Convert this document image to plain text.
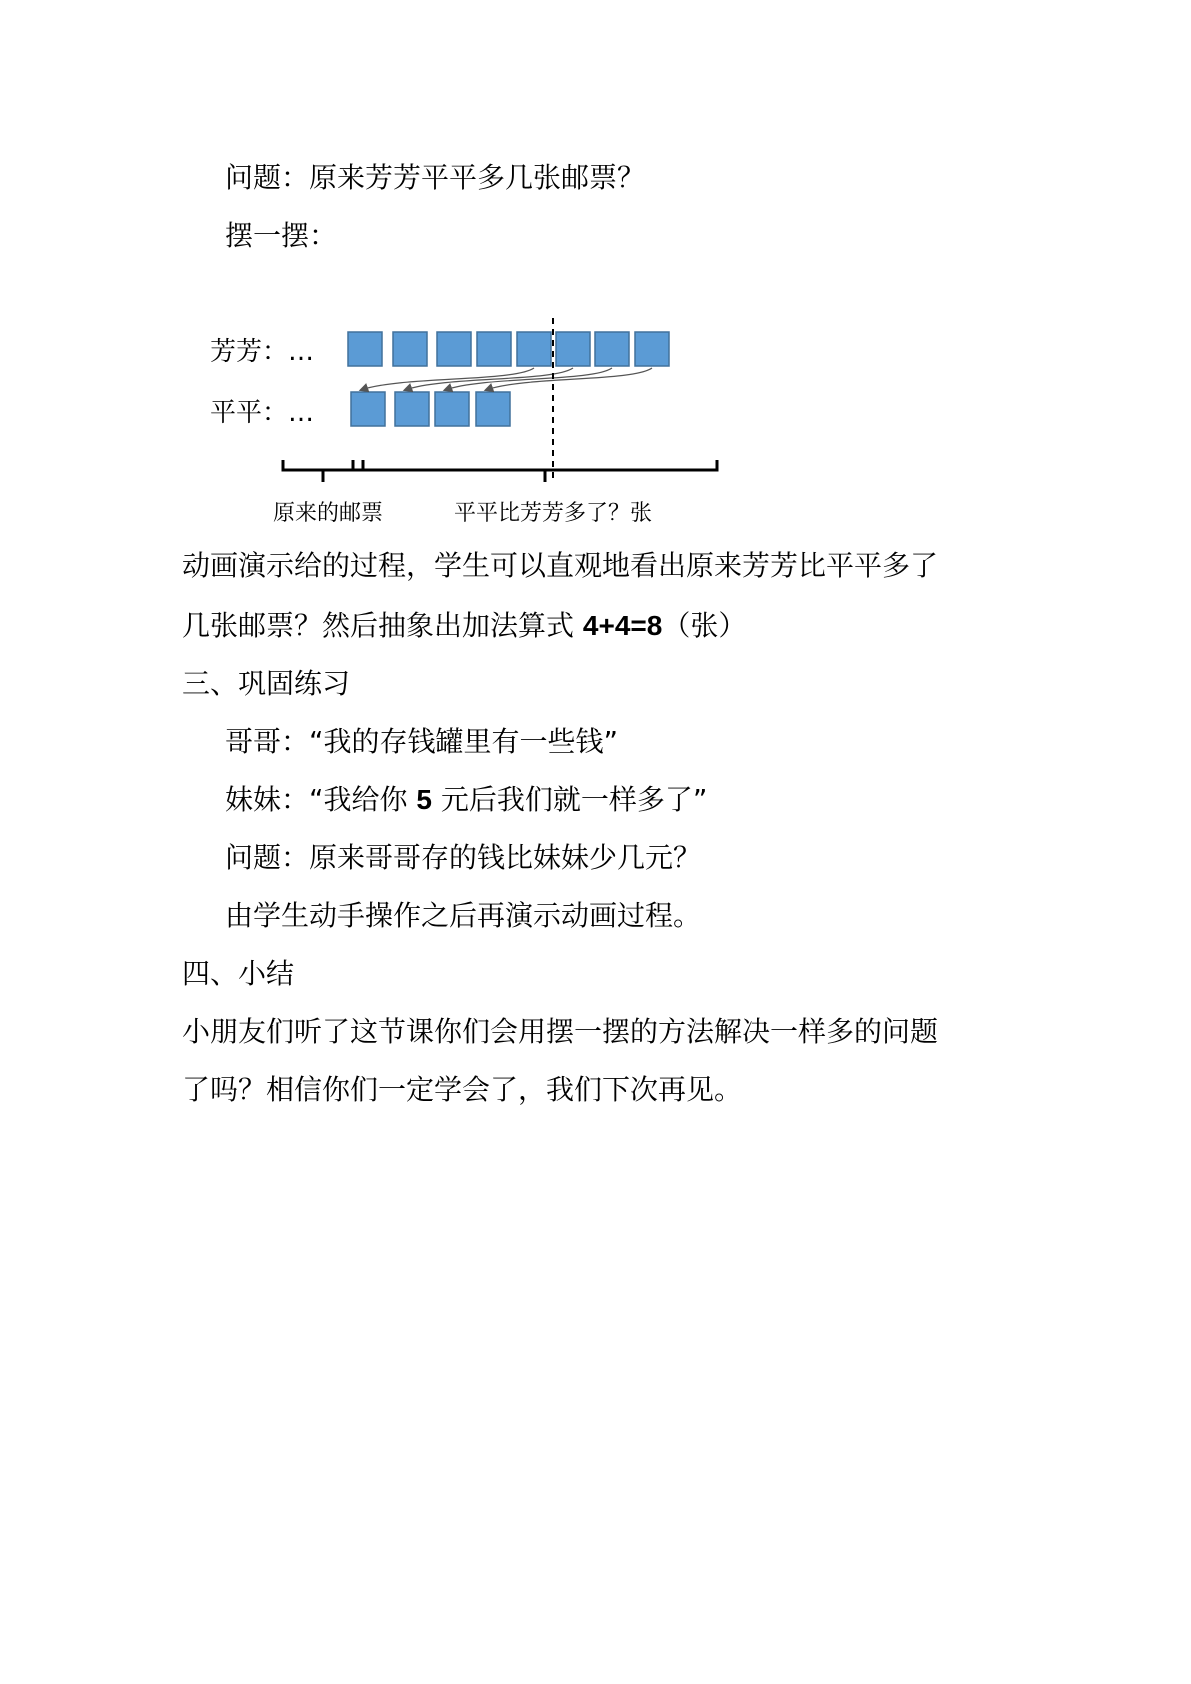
问题：原来芳芳平平多几张邮票？

摆一摆：

芳芳：…
平平：…
原来的邮票	平平比芳芳多了？张

动画演示给的过程，学生可以直观地看出原来芳芳比平平多了

几张邮票？然后抽象出加法算式 4+4=8（张）

三、巩固练习

哥哥：“我的存钱罐里有一些钱”

妹妹：“我给你 5 元后我们就一样多了”

问题：原来哥哥存的钱比妹妹少几元？

由学生动手操作之后再演示动画过程。

四、小结

小朋友们听了这节课你们会用摆一摆的方法解决一样多的问题

了吗？相信你们一定学会了，我们下次再见。
